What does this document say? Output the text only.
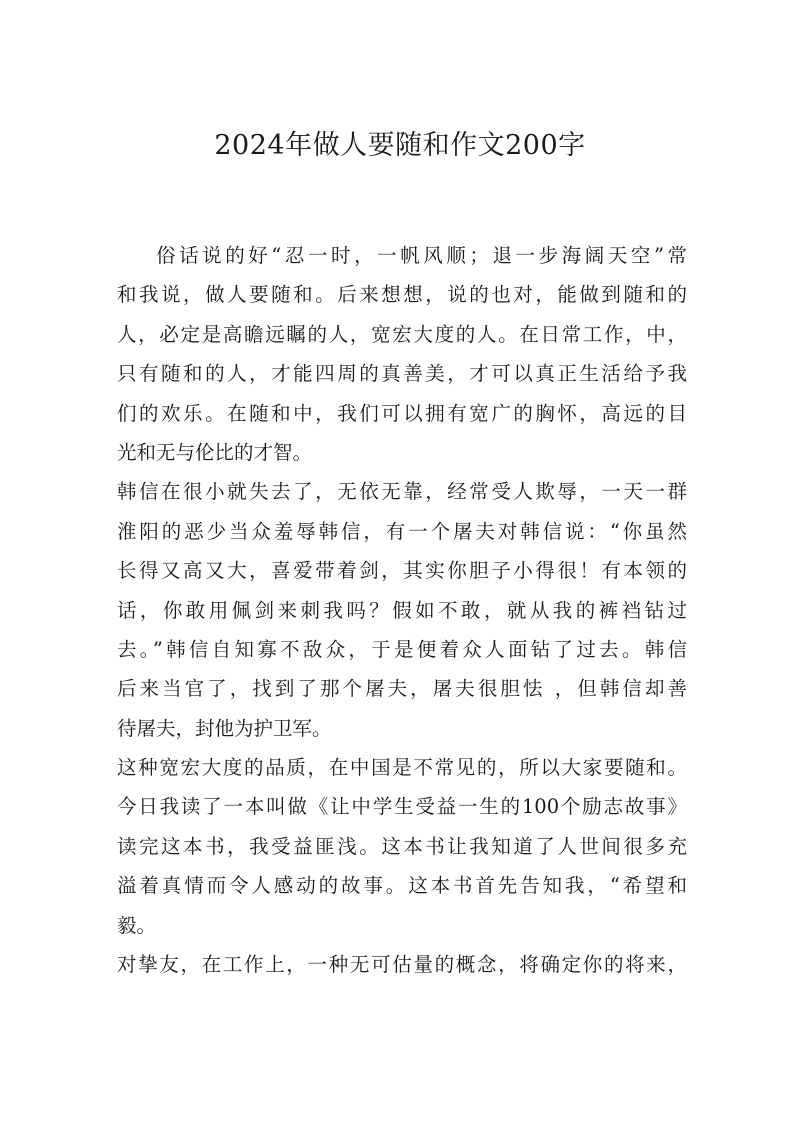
2024年做人要随和作文200字
俗话说的好“忍一时，一帆风顺；退一步海阔天空”常
和我说，做人要随和。后来想想，说的也对，能做到随和的
人，必定是高瞻远瞩的人，宽宏大度的人。在日常工作，中，
只有随和的人，才能四周的真善美，才可以真正生活给予我
们的欢乐。在随和中，我们可以拥有宽广的胸怀，高远的目
光和无与伦比的才智。
韩信在很小就失去了，无依无靠，经常受人欺辱，一天一群
淮阳的恶少当众羞辱韩信，有一个屠夫对韩信说：“你虽然
长得又高又大，喜爱带着剑，其实你胆子小得很！有本领的
话，你敢用佩剑来刺我吗？假如不敢，就从我的裤裆钻过
去。”韩信自知寡不敌众，于是便着众人面钻了过去。韩信
后来当官了，找到了那个屠夫，屠夫很胆怯 ，但韩信却善
待屠夫，封他为护卫军。
这种宽宏大度的品质，在中国是不常见的，所以大家要随和。
今日我读了一本叫做《让中学生受益一生的100个励志故事》
读完这本书，我受益匪浅。这本书让我知道了人世间很多充
溢着真情而令人感动的故事。这本书首先告知我，“希望和
毅。
对挚友，在工作上，一种无可估量的概念，将确定你的将来，
